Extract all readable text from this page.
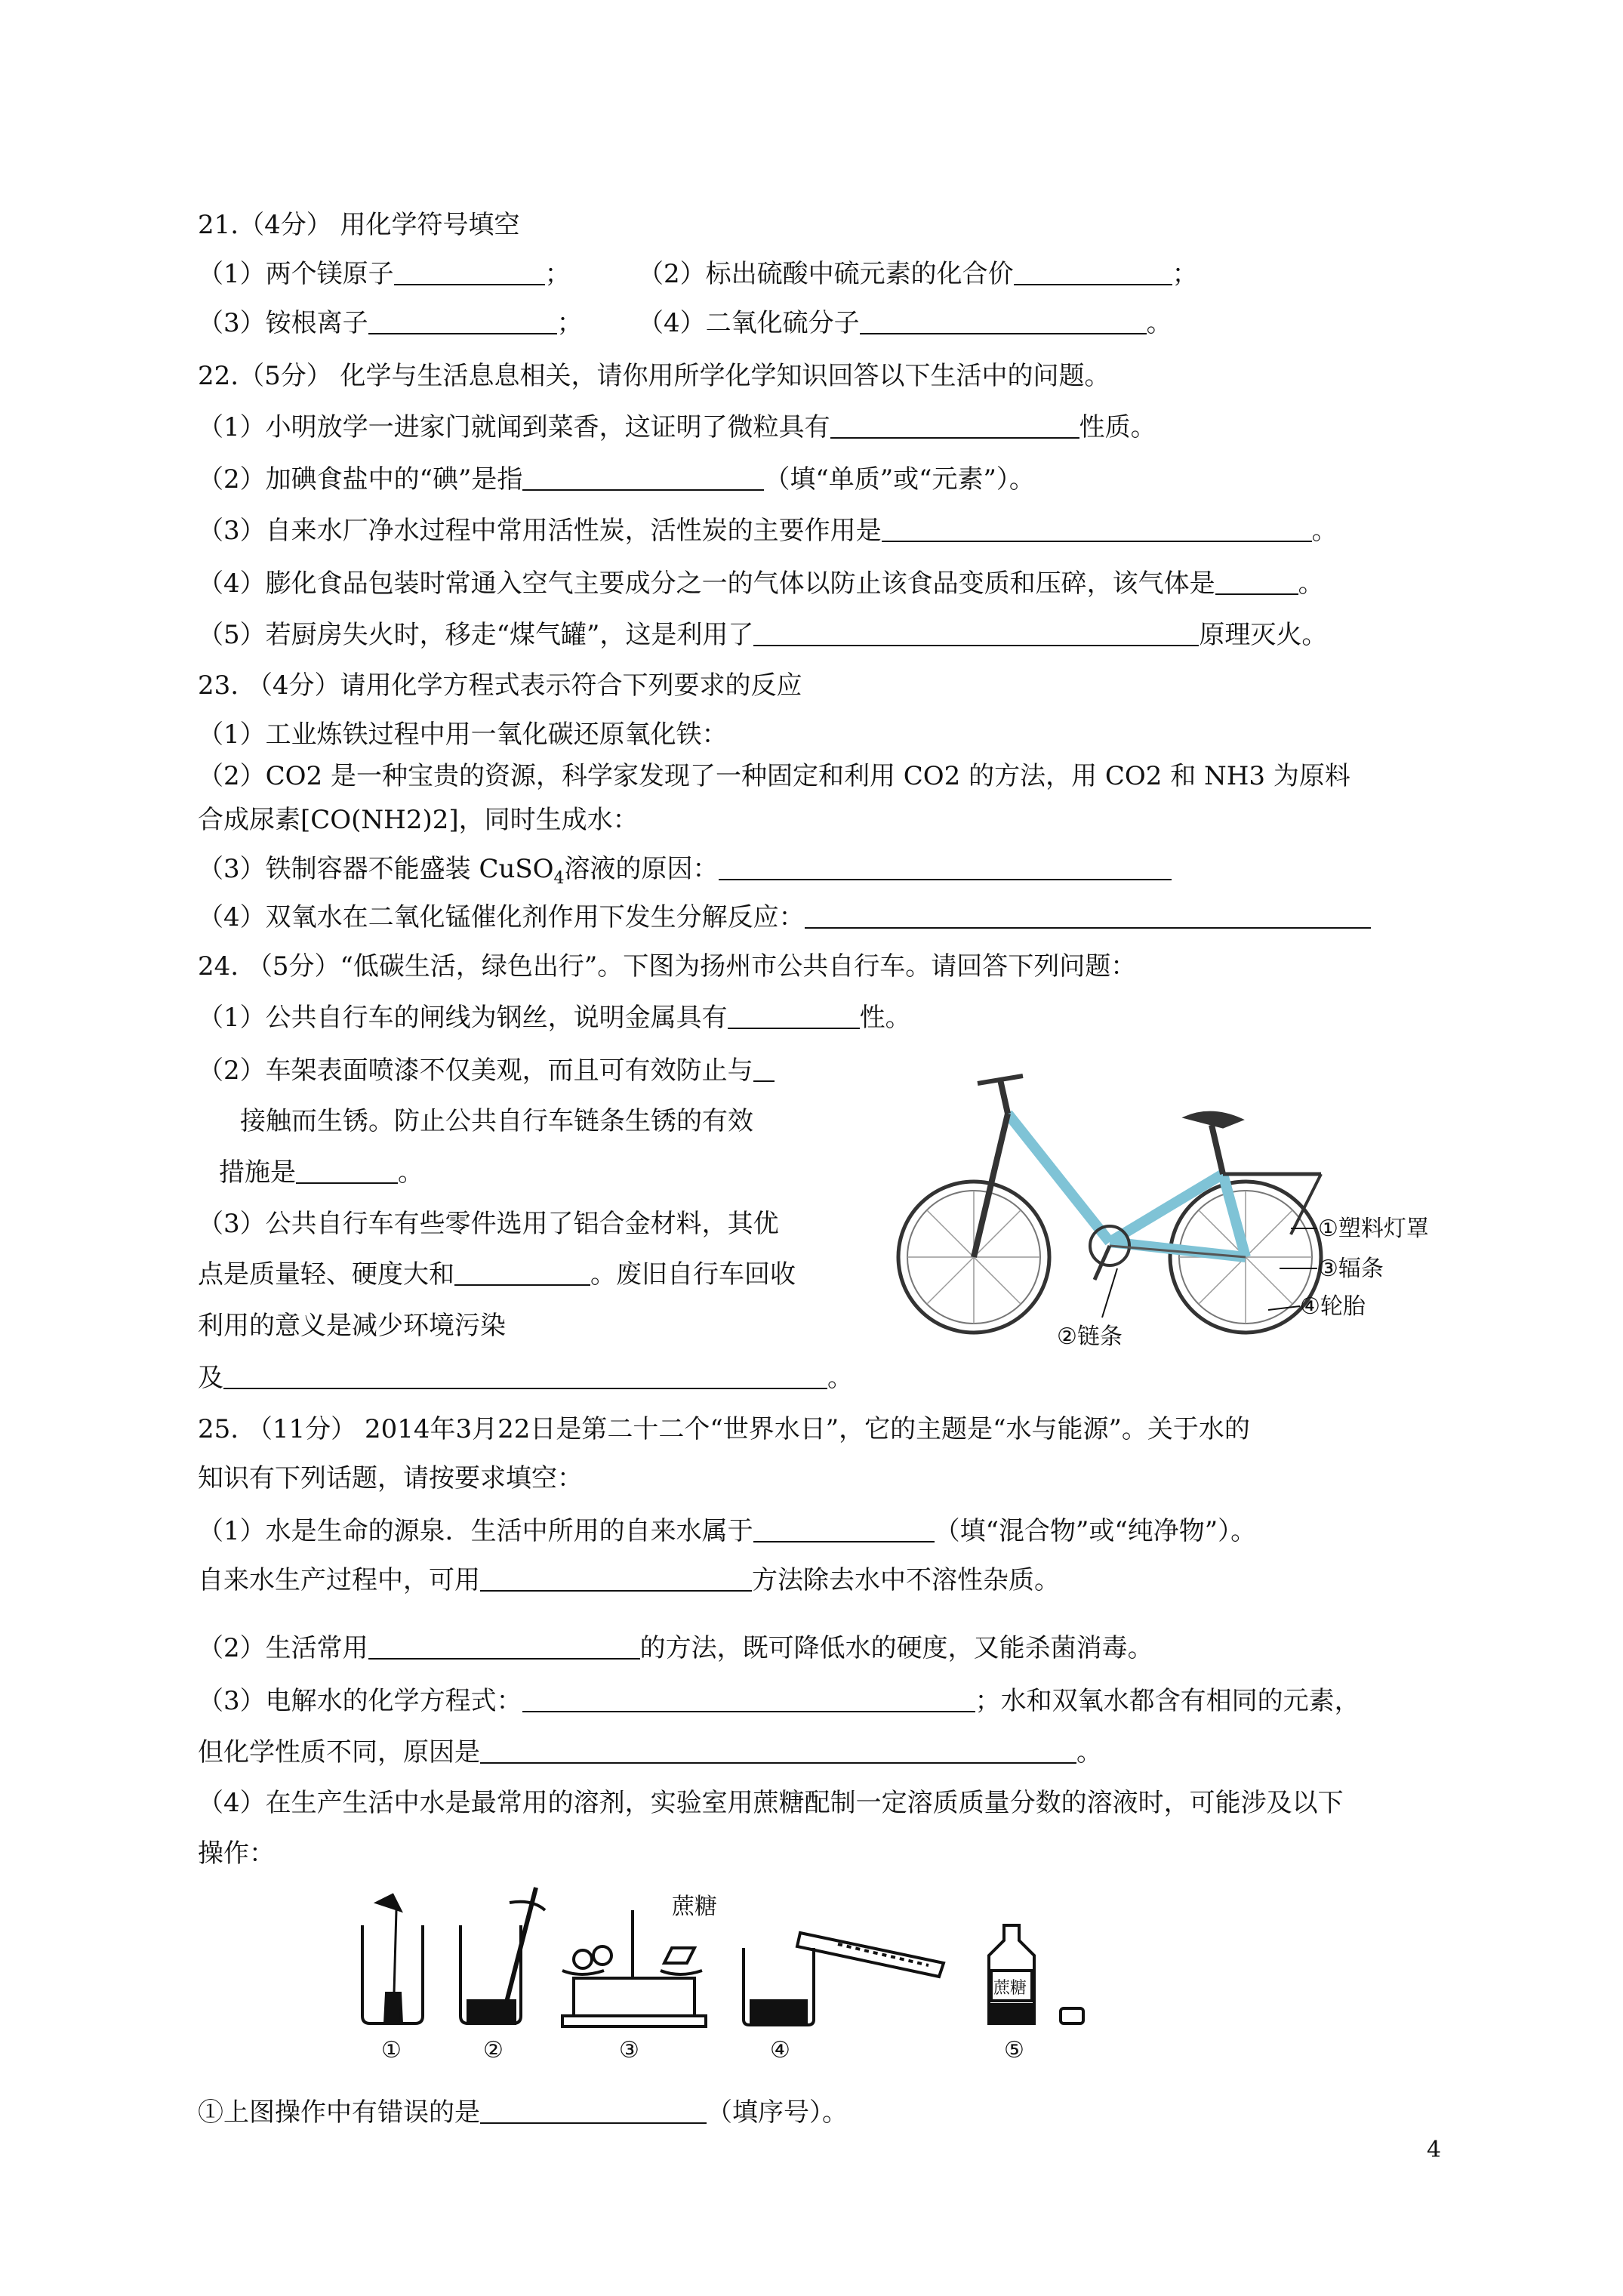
21.（4分） 用化学符号填空
（1）两个镁原子	；	（2）标出硫酸中硫元素的化合价	；
（3）铵根离子	； （4）二氧化硫分子	。
22.（5分） 化学与生活息息相关，请你用所学化学知识回答以下生活中的问题。
（1）小明放学一进家门就闻到菜香，这证明了微粒具有	性质。
（2）加碘食盐中的“碘”是指	（填“单质”或“元素”）。
（3）自来水厂净水过程中常用活性炭，活性炭的主要作用是	。
（4）膨化食品包装时常通入空气主要成分之一的气体以防止该食品变质和压碎，该气体是	。
（5）若厨房失火时，移走“煤气罐”，这是利用了	原理灭火。
23. （4分）请用化学方程式表示符合下列要求的反应
（1）工业炼铁过程中用一氧化碳还原氧化铁：
（2）CO2 是一种宝贵的资源，科学家发现了一种固定和利用 CO2 的方法，用 CO2 和 NH3 为原料
合成尿素[CO(NH2)2]，同时生成水：
（3）铁制容器不能盛装 CuSO$_4$溶液的原因：
（4）双氧水在二氧化锰催化剂作用下发生分解反应：
24. （5分）“低碳生活，绿色出行”。下图为扬州市公共自行车。请回答下列问题：
（1）公共自行车的闸线为钢丝，说明金属具有	性。
（2）车架表面喷漆不仅美观，而且可有效防止与
接触而生锈。防止公共自行车链条生锈的有效
措施是	。
（3）公共自行车有些零件选用了铝合金材料，其优
点是质量轻、硬度大和	。废旧自行车回收
利用的意义是减少环境污染
及	。
①塑料灯罩
③辐条
④轮胎
②链条
25. （11分） 2014年3月22日是第二十二个“世界水日”，它的主题是“水与能源”。关于水的
知识有下列话题，请按要求填空：
（1）水是生命的源泉．生活中所用的自来水属于	（填“混合物”或“纯净物”）。
自来水生产过程中，可用	方法除去水中不溶性杂质。
（2）生活常用	的方法，既可降低水的硬度，又能杀菌消毒。
（3）电解水的化学方程式：	；水和双氧水都含有相同的元素，
但化学性质不同，原因是	。
（4）在生产生活中水是最常用的溶剂，实验室用蔗糖配制一定溶质质量分数的溶液时，可能涉及以下
操作：
蔗糖
蔗糖
①	②	③	④	⑤
①上图操作中有错误的是	（填序号）。
4
